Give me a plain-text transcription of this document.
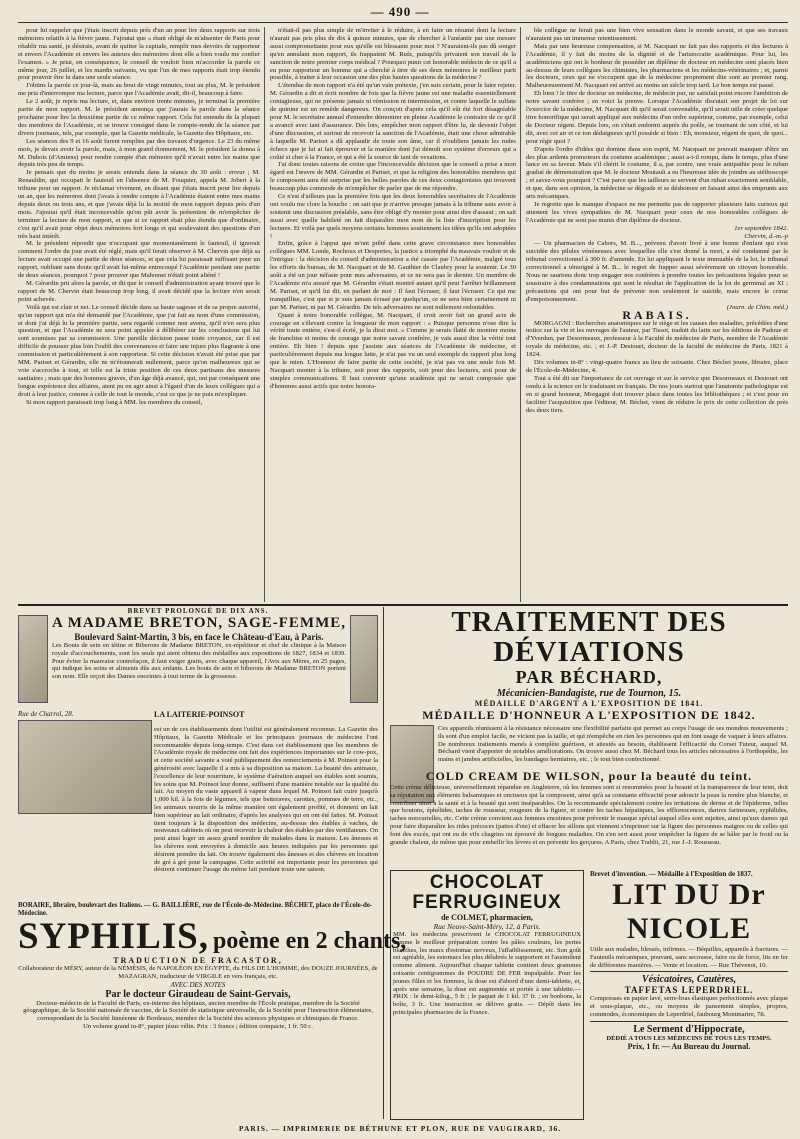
— 490 —

pour lui rappeler que j'étais inscrit depuis près d'un an pour lire deux rapports sur trois mémoires relatifs à la fièvre jaune. J'ajoutai que « étant obligé de m'absenter de Paris pour rétablir ma santé, je désirais, avant de quitter la capitale, remplir mes devoirs de rapporteur et envers l'Académie et envers les auteurs des mémoires dont elle a bien voulu me confier l'examen. » Je priai, en conséquence, le conseil de vouloir bien m'accorder la parole ce même jour, 26 juillet, et les mardis suivants, vu que l'un de mes rapports était trop étendu pour pouvoir être lu dans une seule séance.

J'obtins la parole ce jour-là, mais au bout de vingt minutes, tout au plus, M. le président me pria d'interrompre ma lecture, parce que l'Académie avait, dit-il, beaucoup à faire.

Le 2 août, je repris ma lecture, et, dans environ trente minutes, je terminai la première partie de mon rapport. M. le président annonça que j'aurais la parole dans la séance prochaine pour lire la deuxième partie de ce même rapport. Cela fut entendu de la plupart des membres de l'Académie, et se trouve consigné dans le compte-rendu de la séance par divers journaux, tels, par exemple, que la Gazette médicale, la Gazette des Hôpitaux, etc.

Les séances des 9 et 16 août furent remplies par des travaux d'urgence. Le 23 du même mois, je devais avoir la parole, mais, à mon grand étonnement, M. le président la donna à M. Dubois (d'Amiens) pour rendre compte d'un mémoire qu'il n'avait entre les mains que depuis très peu de temps.

Je pensais que du moins je serais entendu dans la séance du 30 août : erreur ; M. Renauldin, qui occupait le fauteuil en l'absence de M. Fouquier, appela M. Jobert à la tribune pour un rapport. Je réclamai vivement, en disant que j'étais inscrit pour lire depuis un an, que les mémoires dont j'avais à rendre compte à l'Académie étaient entre mes mains depuis deux ou trois ans, et que j'avais déjà lu la moitié de mon rapport depuis près d'un mois. J'ajoutai qu'il était inconcevable qu'on pût avoir la prétention de m'empêcher de terminer la lecture de mon rapport, et que si ce rapport était plus étendu que d'ordinaire, c'est qu'il avait pour objet deux mémoires fort longs et qui soulevaient des questions d'un très haut intérêt.

M. le président répondit que n'occupant que momentanément le fauteuil, il ignorait comment l'ordre du jour avait été réglé, mais qu'il ferait observer à M. Chervin que déjà sa lecture avait occupé une partie de deux séances, et que cela lui paraissait suffisant pour un rapport, oubliant sans doute qu'il avait lui-même entrecoupé l'Académie pendant une partie de deux séances, pourquoi ? pour prouver que Mahomet n'était point aliéné !

M. Gérardin prit alors la parole, et dit que le conseil d'administration ayant trouvé que le rapport de M. Chervin était beaucoup trop long, il avait décidé que la lecture n'en serait point achevée.

Voilà qui est clair et net. Le conseil décide dans sa haute sagesse et de sa propre autorité, qu'un rapport qui m'a été demandé par l'Académie, que j'ai fait au nom d'une commission, et dont j'ai déjà lu la première partie, sera regardé comme non avenu, qu'il n'en sera plus question, et que l'Académie ne sera point appelée à délibérer sur les conclusions qui lui sont soumises par sa commission. Une pareille décision passe toute croyance, car il est difficile de pousser plus loin l'oubli des convenances et faire une injure plus flagrante à une commission et particulièrement à son rapporteur. Si cette décision n'avait été prise que par MM. Pariset et Gérardin, elle ne m'étonnerait nullement, parce qu'on malheureux qui se voie s'accroche à tout, et telle est la triste position de ces deux partisans des mesures sanitaires ; mais que des hommes graves, d'un âge déjà avancé, qui, ont par conséquent une longue expérience des affaires, aient pu en agir ainsi à l'égard d'un de leurs collègues qui a droit à leur justice, comme à celle de tout le monde, c'est ce que je ne puis m'expliquer.

Si mon rapport paraissait trop long à MM. les membres du conseil,

n'était-il pas plus simple de m'inviter à le réduire, à en faire un résumé dont la lecture n'aurait pas pris plus de dix à quinze minutes, que de chercher à l'anéantir par une mesure aussi compromettante pour eux qu'elle est blessante pour moi ? N'auraient-ils pas dû songer qu'en annulant mon rapport, ils frappaient M. Rufz, puisqu'ils privaient son travail de la sanction de notre premier corps médical ? Pourquoi punir cet honorable médecin de ce qu'il a eu pour rapporteur un homme qui a cherché à tirer de ses deux mémoires le meilleur parti possible, à traiter à leur occasion une des plus hautes questions de la médecine ?

L'étendue de mon rapport n'a été qu'un vain prétexte, j'en suis certain, pour le faire rejeter. M. Gérardin a dit et écrit nombre de fois que la fièvre jaune est une maladie essentiellement contagieuse, qui ne présente jamais ni rémission ni intermission, et contre laquelle le sulfate de quinine est un remède dangereux. On conçoit d'après cela qu'il eût été fort désagréable pour M. le secrétaire annuel d'entendre démontrer en pleine Académie le contraire de ce qu'il a avancé avec tant d'assurance. Dès lors, empêcher mon rapport d'être lu, de devenir l'objet d'une discussion, et surtout de recevoir la sanction de l'Académie, était une chose admirable à laquelle M. Pariset a dû applaudir de toute son âme, car il n'oubliera jamais les rudes échecs que je lui ai fait éprouver et la manière dont j'ai démoli son système d'erreurs qui a coûté si cher à la France, et qui a été la source de tant de vexations.

J'ai donc toutes raisons de croire que l'inconcevable décision que le conseil a prise a mon égard est l'œuvre de MM. Gérardin et Pariset, et que la religion des honorables membres qui le composent aura été surprise par les belles paroles de ces deux contagionistes qui trouvent beaucoup plus commode de m'empêcher de parler que de me répondre.

Ce n'est d'ailleurs pas la première fois que les deux honorables secrétaires de l'Académie ont voulu me clore la bouche : on sait que je n'arrive presque jamais à la tribune sans avoir à soutenir une discussion préalable, sans être obligé d'y monter pour ainsi dire d'assaut ; on sait aussi avec quelle habileté on fait disparaître mon nom de la liste d'inscription pour les lectures. Et voilà par quels moyens certains hommes soutiennent les idées qu'ils ont adoptées !

Enfin, grâce à l'appui que m'ont prêté dans cette grave circonstance mes honorables collègues MM. Londe, Rochoux et Desportes, la justice a triomphé du mauvais vouloir et de l'intrigue : la décision du conseil d'administration a été cassée par l'Académie, malgré tous les efforts du bureau, de M. Nacquart et de M. Gauthier de Claubry pour la soutenir. Le 30 août a été un jour néfaste pour mes adversaires, et ce ne sera pas le dernier. Un membre de l'Académie m'a assuré que M. Gérardin s'était montré autant qu'il peut l'arrêter brillamment M. Pariset, et qu'il lui dit, en parlant de moi : Il faut l'écraser, il faut l'écraser. Ce qui me tranquillise, c'est que si je suis jamais écrasé par quelqu'un, ce ne sera bien certainement ni par M. Pariset, ni par M. Gérardin. De tels adversaires ne sont nullement redoutables.

Quant à notre honorable collègue, M. Nacquart, il croit avoir fait un grand acte de courage en s'élevant contre la longueur de mon rapport : « Puisque personne n'ose dire la vérité toute entière, s'est-il écrié, je la dirai moi. » Comme je serais flatté de montrer moins de franchise et moins de courage que notre savant confrère, je vais aussi dire la vérité tout entière. Eh bien ! depuis que j'assiste aux séances de l'Académie de médecine, et particulièrement depuis ma longue lutte, je n'ai pas vu un seul exemple de rapport plus long que le mien. L'Honneur de faire partie de cette société, je n'ai pas vu une seule fois M. Nacquart monter à la tribune, soit pour des rapports, soit pour des lectures, soit pour de simples communications. Il faut convenir qu'une académie qui ne serait composée que d'hommes aussi actifs que notre honora-

ble collègue ne ferait pas une bien vive sensation dans le monde savant, et que ses travaux n'auraient pas un immense retentissement.

Mais par une heureuse compensation, si M. Nacquart ne fait pas des rapports et des lectures à l'Académie, il y fait du moins de la dignité et de l'aristocratie académique. Pour lui, les académiciens qui ont le bonheur de posséder un diplôme de docteur en médecine sont placés bien au-dessus de leurs collègues les chimistes, les pharmaciens et les médecins-vétérinaires ; et, parmi les docteurs, ceux qui ne s'occupent que de la médecine proprement dite sont au premier rang. Malheureusement M. Nacquart est arrivé au moins un siècle trop tard. Le bon temps est passé.

Eh bien ! le titre de docteur en médecine, de médecin pur, ne satisfait point encore l'ambition de notre savant confrère ; en voici la preuve. Lorsque l'Académie discutait son projet de loi sur l'exercice de la médecine, M. Nacquart dit qu'il serait convenable, qu'il serait utile de créer quelque titre honorifique qui serait appliqué aux médecins d'un ordre supérieur, comme, par exemple, celui de Docteur régent. Depuis lors, on s'était endormi auprès du poêle, se tournant de son côté, et lui dit, avec cet air et ce ton dédaigneux qu'il possède si bien : Eh, monsieur, régent de quoi, de quoi... pour régir quoi ?

D'après l'ordre d'idées qui domine dans son esprit, M. Nacquart ne pouvait manquer d'être un des plus ardents promoteurs du costume académique ; aussi a-t-il rompu, dans le temps, plus d'une lance en sa faveur. Mais s'il chérit le costume, il a, par contre, une vraie antipathie pour le ruban gradué de démonstration que M. le docteur Moutault a eu l'heureuse idée de joindre au stéthoscope ; et savez-vous pourquoi ? C'est parce que les tailleurs se servent d'un ruban exactement semblable, et que, dans son opinion, la médecine se dégrade et se déshonore en faisant ainsi des emprunts aux arts mécaniques.

Je regrette que le manque d'espace ne me permette pas de rapporter plusieurs faits curieux qui attestent les vives sympathies de M. Nacquart pour ceux de nos honorables collègues de l'Académie qui ne sont pas munis d'un diplôme de docteur.

1er septembre 1842.

Chervin, d.-m.-p

— Un pharmacien de Cahors, M. B..., prévenu d'avoir livré à une bonne d'enfant qui s'est suicidée des pilules vénéneuses avec lesquelles elle s'est donné la mort, a été condamné par le tribunal correctionnel à 300 fr. d'amende. En lui appliquant le texte immuable de la loi, le tribunal correctionnel a témoigné à M. B... le regret de frapper aussi sévèrement un citoyen honorable. Nous ne saurions donc trop engager nos confrères à prendre toutes les précautions légales pour se soustraire à des condamnations qui sont le résultat de l'application de la loi de germinal an XI ; précautions qui ont pour but de prévenir non seulement le suicide, mais encore le crime d'empoisonnement.

(Journ. de Chim. méd.)

RABAIS.

MORGAGNI : Recherches anatomiques sur le siège et les causes des maladies, précédées d'une notice sur la vie et les ouvrages de l'auteur, par Tissot, traduit du latin sur les éditions de Padoue et d'Yverdun, par Desormeaux, professeur à la Faculté de médecine de Paris, membre de l'Académie royale de médecine, etc. ; et J.-P. Destouet, docteur de la faculté de médecine de Paris, 1821 à 1824.

Dix volumes in-8° : vingt-quatre francs au lieu de soixante. Chez Béchet jeune, libraire, place de l'École-de-Médecine, 4.

Tout a été dit sur l'importance de cet ouvrage et sur le service que Desormeaux et Destouet ont rendu à la science en le traduisant en français. De nos jours surtout que l'anatomie pathologique est en si grand honneur, Morgagni doit trouver place dans toutes les bibliothèques ; et c'est pour en faciliter l'acquisition que l'éditeur, M. Béchet, vient de réduire le prix de cette collection de près des deux tiers.

BREVET PROLONGÉ DE DIX ANS.
A MADAME BRETON, SAGE-FEMME,
Boulevard Saint-Martin, 3 bis, en face le Château-d'Eau, à Paris.
Les Bouts de sein en tétine et Biberons de Madame BRETON, ex-répétiteur et chef de clinique à la Maison royale d'accouchements, sont les seuls qui aient obtenu des médailles aux expositions de 1827, 1834 et 1839. Pour éviter la mauvaise contrefaçon, il faut exiger gratis, avec chaque appareil, l'Avis aux Mères, en 25 pages, qui indique les soins et aliments dûs aux enfants. Les bouts de sein et biberons de Madame BRETON portent son nom. Elle reçoit des Dames enceintes à tout terme de la grossesse.
Rue de Charrol, 28.	LA LAITERIE-POINSOT
est un de ces établissements dont l'utilité est généralement reconnue. La Gazette des Hôpitaux, la Gazette Médicale et les principaux journaux de médecine l'ont recommandée depuis long-temps. C'est dans cet établissement que les membres de l'Académie royale de médecine ont fait des expériences importantes sur le cow-pox, et cette société savante a voté publiquement des remerciements à M. Poinsot pour la générosité avec laquelle il a mis à sa disposition sa maison. La beauté des animaux, l'excellence de leur nourriture, le système d'aération auquel ses étables sont soumis, les soins que M. Poinsot leur donne, suffisent d'une manière notable sur la qualité du lait. Au moyen du vaste appareil à vapeur dans lequel M. Poinsot fait cuire jusqu'à 1,000 kil. à la fois de légumes, tels que betteraves, carottes, pommes de terre, etc., les animaux nourris de la même manière ont également profité, et donnent un lait bien supérieur au lait ordinaire, d'après les analyses qui en ont été faites. M. Poinsot tient toujours à la disposition des médecins, au-dessus des étables à vaches, de nouveaux cabinets où on peut recevoir la chaleur des étables par des ventilateurs. On peut ainsi loger un assez grand nombre de malades dans la maison. Les ânesses et les chèvres sont envoyées à domicile aux heures indiquées par les personnes qui désirent prendre du lait. On trouve également des ânesses et des chèvres en location de gré à gré pour la campagne. Cette activité est importante pour les personnes qui désirent continuer l'usage du même lait pendant toute une saison.
BORAIRE, libraire, boulevart des Italiens. — G. BAILLIÈRE, rue de l'École-de-Médecine. BÉCHET, place de l'École-de-Médecine.
SYPHILIS, poème en 2 chants,
TRADUCTION DE FRACASTOR,
Collaborateur de MÉRY, auteur de la NÉMÉSIS, de NAPOLÉON EN ÉGYPTE, du FILS DE L'HOMME, des DOUZE JOURNÉES, de MAZAGRAN, traducteur de VIRGILE en vers français, etc.
AVEC DES NOTES
Par le docteur Giraudeau de Saint-Gervais,
Docteur-médecin de la Faculté de Paris, ex-interne des hôpitaux, ancien membre de l'École pratique, membre de la Société géographique, de la Société nationale de vaccine, de la Société de statistique universelle, de la Société pour l'instruction élémentaire, correspondant de la Société linnéenne de Bordeaux, membre de la Société des sciences physiques et chimiques de France.
Un volume grand in-8°, papier jésus vélin. Prix : 3 francs ; édition compacte, 1 fr. 50 c.
TRAITEMENT DES DÉVIATIONS
PAR BÉCHARD,
Mécanicien-Bandagiste, rue de Tournon, 15.
MÉDAILLE D'ARGENT A L'EXPOSITION DE 1841.
MÉDAILLE D'HONNEUR A L'EXPOSITION DE 1842.
Ces appareils réunissent à la résistance nécessaire une flexibilité parfaite qui permet au corps l'usage de ses mondres mouvements ; ils sont d'un emploi facile, ne vicient pas la taille, et qui n'empêche en rien les personnes qui en font usage de vaquer à leurs affaires. De nombreux traitements menés à complète guérison, et attestés au besoin, établissent l'efficacité du Corset Tuteur, auquel M. Béchard vient d'apporter de notables améliorations. On trouve aussi chez M. Béchard tous les articles nécessaires à l'orthopédie, les mains et jambes artificielles, les bandages herniaires, etc. ; le tout bien confectionné.
COLD CREAM DE WILSON, pour la beauté du teint.
Cette crème délicieuse, universellement répandue en Angleterre, où les femmes sont si renommées pour la beauté et la transparence de leur teint, doit sa réputation aux éléments balsamiques et onctueux qui la composent, ainsi qu'à sa constante efficacité pour adoucir la peau la rendre plus blanche, et contribuer ainsi à la santé et à la beauté qui sont inséparables. On la recommande spécialement contre les irritations de derme et de l'épiderme, telles que boutons, éphélides, taches de rousseur, rougeurs de la figure, et contre les taches hépatiques, les efflorescences, dartres farineuses, syphilides, taches mercurielles, etc. Cette crème convient aux femmes enceintes pour prévenir le masque spécial auquel elles sont sujettes, ainsi qu'aux dames qui pour faire disparaître les rides précoces (pattes d'oie) et effacer les sillons qui viennent s'imprimer sur la figure des personnes maigres ou de celles qui font des excès, qui ont eu de vifs chagrins ou éprouvé de longues maladies. On s'en sert aussi pour empêcher la figure de se hâler par le froid ou la grande chaleur, de même que pour embellir les lèvres et en prévenir les gerçures. A Paris, chez Trablit, 21, rue J.-J. Rousseau.
CHOCOLAT FERRUGINEUX
de COLMET, pharmacien,
Rue Neuve-Saint-Méry, 12, à Paris.
MM. les médecins prescrivent le CHOCOLAT FERRUGINEUX comme le meilleur préparation contre les pâles couleurs, les pertes blanches, les maux d'estomac nerveux, l'affaiblissement, etc. Son goût est agréable, les estomacs les plus délabrés le supportent et l'assimilent comme aliment. Aujourd'hui chaque tablette contient deux grammes soixante centigrammes de POUDRE DE FER impalpable. Pour les jeunes filles et les femmes, la dose est d'abord d'une demi-tablette, et, après une semaine, la dose est augmentée et portée à une tablette.—PRIX : le demi-kilog., 5 fr. ; le paquet de 1 kil. 37 fr. ; en bonbons, la boîte, 3 fr.. Une instruction se délivre gratis. — Dépôt dans les principales pharmacies de la France.
Brevet d'invention. — Médaille à l'Exposition de 1837.
LIT DU Dr NICOLE
Utile aux malades, blessés, infirmes. — Béquilles, appareils à fractures. — Fauteuils mécaniques, pouvant, sans secousse, faire ou de force, lits en fer de différentes manières. — Vente et location. — Rue Thévenot, 10.
Vésicatoires, Cautères,
TAFFETAS LEPERDRIEL.
Compresses en papier lavé, serre-bras élastiques perfectionnés avec plaque et sous-plaque, etc., ou moyens de pansement simples, propres, commodes, économiques de Leperdriel, faubourg Montmartre, 78.
Le Serment d'Hippocrate,
DÉDIÉ A TOUS LES MÉDECINS DE TOUS LES TEMPS.
Prix, 1 fr. — Au Bureau du Journal.
PARIS. — IMPRIMERIE DE BÉTHUNE ET PLON, RUE DE VAUGIRARD, 36.
